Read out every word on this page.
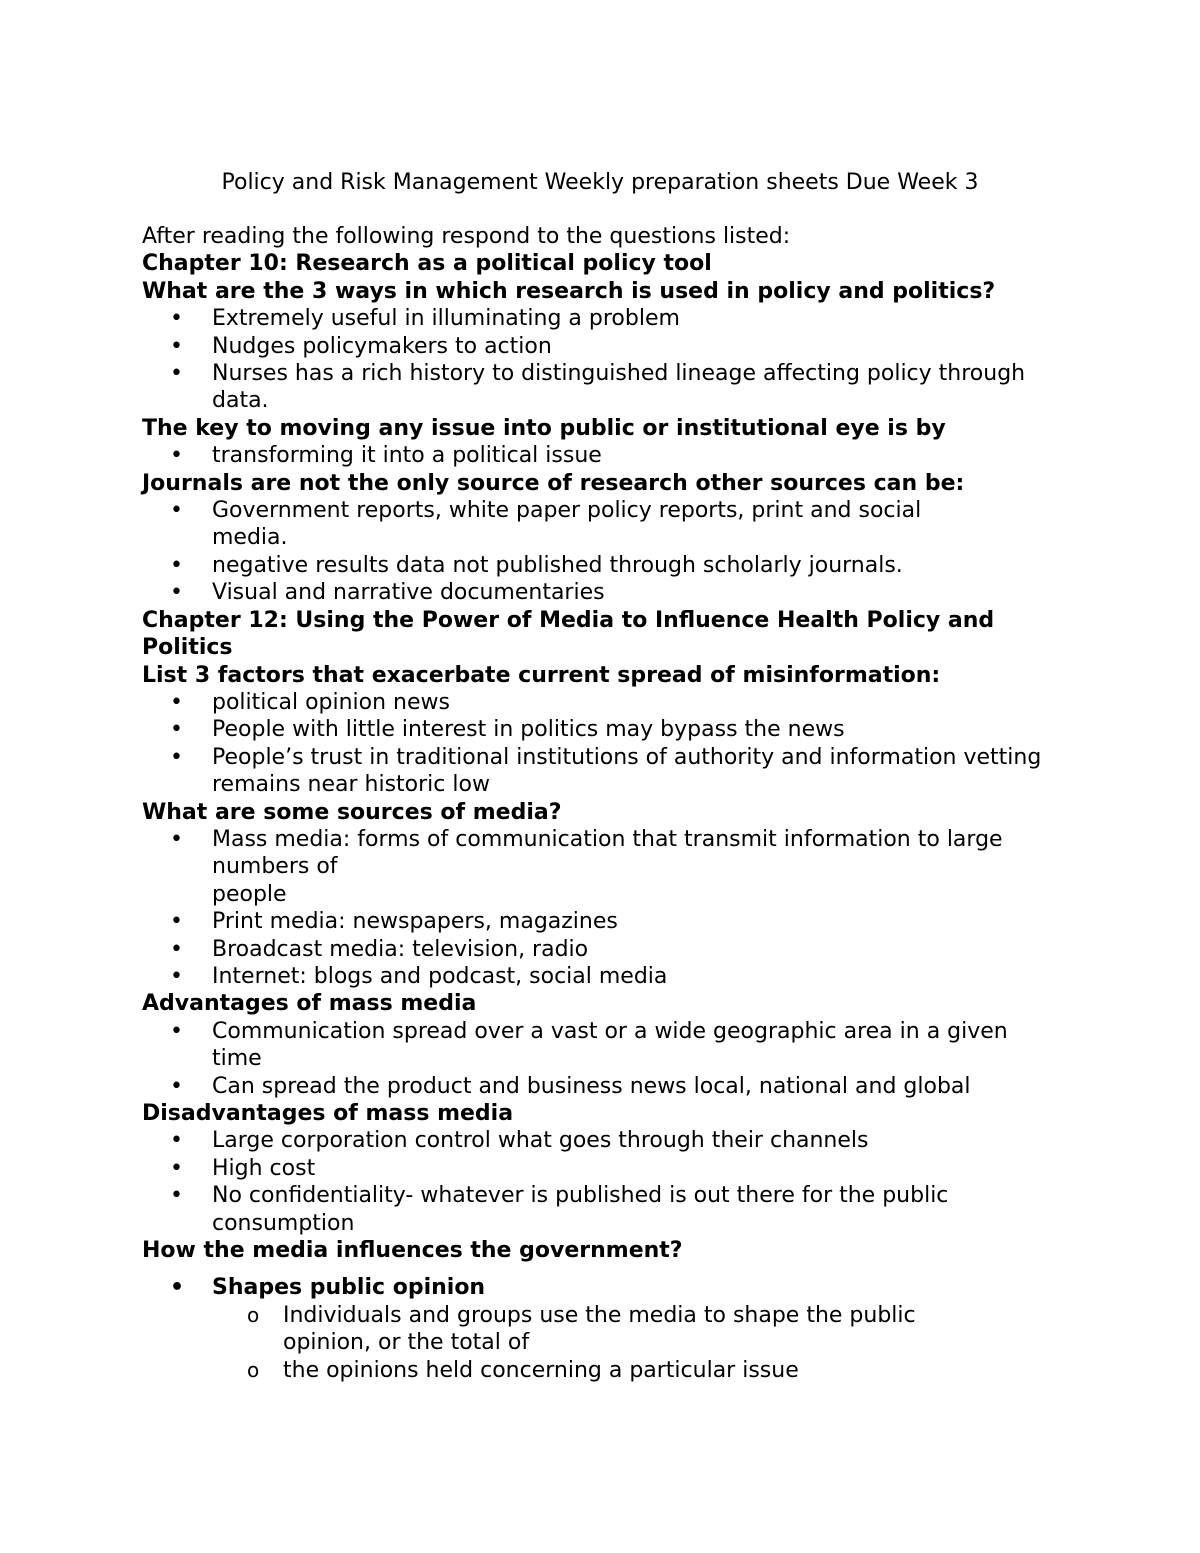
Policy and Risk Management Weekly preparation sheets Due Week 3

After reading the following respond to the questions listed:

Chapter 10: Research as a political policy tool

What are the 3 ways in which research is used in policy and politics?

• Extremely useful in illuminating a problem
• Nudges policymakers to action
• Nurses has a rich history to distinguished lineage affecting policy through data.

The key to moving any issue into public or institutional eye is by

• transforming it into a political issue

Journals are not the only source of research other sources can be:

• Government reports, white paper policy reports, print and social media.
• negative results data not published through scholarly journals.
• Visual and narrative documentaries

Chapter 12: Using the Power of Media to Influence Health Policy and Politics

List 3 factors that exacerbate current spread of misinformation:

• political opinion news
• People with little interest in politics may bypass the news
• People’s trust in traditional institutions of authority and information vetting remains near historic low

What are some sources of media?

• Mass media: forms of communication that transmit information to large numbers of
people
• Print media: newspapers, magazines
• Broadcast media: television, radio
• Internet: blogs and podcast, social media

Advantages of mass media

• Communication spread over a vast or a wide geographic area in a given time
• Can spread the product and business news local, national and global

Disadvantages of mass media

• Large corporation control what goes through their channels
• High cost
• No confidentiality- whatever is published is out there for the public consumption

How the media influences the government?

• Shapes public opinion
o Individuals and groups use the media to shape the public opinion, or the total of
o the opinions held concerning a particular issue
